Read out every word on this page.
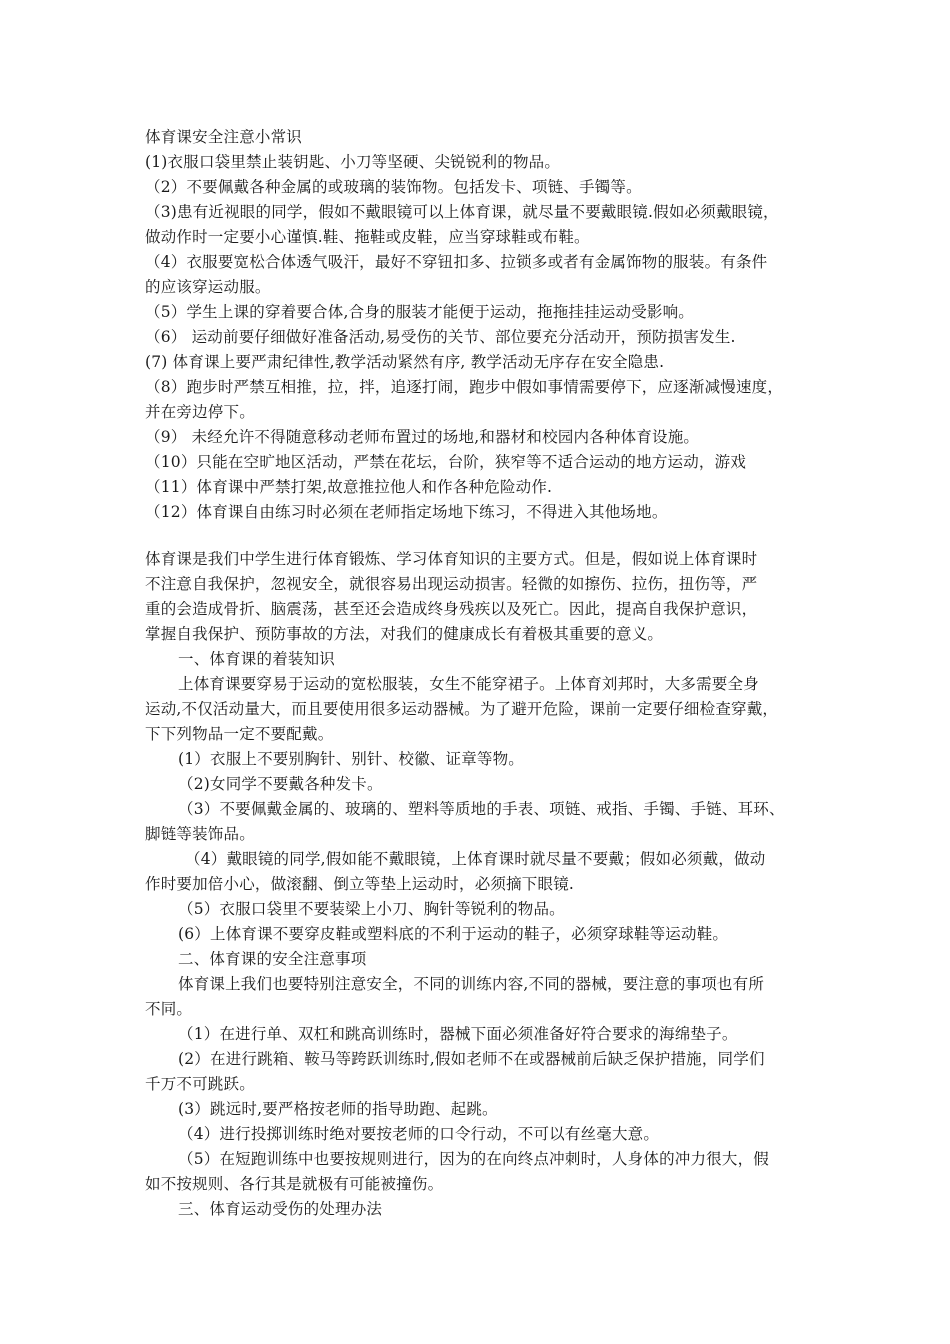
体育课安全注意小常识
(1)衣服口袋里禁止装钥匙、小刀等坚硬、尖锐锐利的物品。
（2）不要佩戴各种金属的或玻璃的装饰物。包括发卡、项链、手镯等。
（3)患有近视眼的同学，假如不戴眼镜可以上体育课，就尽量不要戴眼镜.假如必须戴眼镜，
做动作时一定要小心谨慎.鞋、拖鞋或皮鞋，应当穿球鞋或布鞋。
（4）衣服要宽松合体透气吸汗，最好不穿钮扣多、拉锁多或者有金属饰物的服装。有条件
的应该穿运动服。
（5）学生上课的穿着要合体,合身的服装才能便于运动，拖拖挂挂运动受影响。
（6） 运动前要仔细做好准备活动,易受伤的关节、部位要充分活动开，预防损害发生.
(7) 体育课上要严肃纪律性,教学活动紧然有序, 教学活动无序存在安全隐患.
（8）跑步时严禁互相推，拉，拌，追逐打闹，跑步中假如事情需要停下，应逐渐减慢速度，
并在旁边停下。
（9） 未经允许不得随意移动老师布置过的场地,和器材和校园内各种体育设施。
（10）只能在空旷地区活动，严禁在花坛，台阶，狭窄等不适合运动的地方运动，游戏
（11）体育课中严禁打架,故意推拉他人和作各种危险动作.
（12）体育课自由练习时必须在老师指定场地下练习，不得进入其他场地。
体育课是我们中学生进行体育锻炼、学习体育知识的主要方式。但是，假如说上体育课时
不注意自我保护，忽视安全，就很容易出现运动损害。轻微的如擦伤、拉伤，扭伤等，严
重的会造成骨折、脑震荡，甚至还会造成终身残疾以及死亡。因此，提高自我保护意识，
掌握自我保护、预防事故的方法，对我们的健康成长有着极其重要的意义。
一、体育课的着装知识
上体育课要穿易于运动的宽松服装，女生不能穿裙子。上体育刘邦时，大多需要全身
运动,不仅活动量大，而且要使用很多运动器械。为了避开危险，课前一定要仔细检查穿戴，
下下列物品一定不要配戴。
(1）衣服上不要别胸针、别针、校徽、证章等物。
（2)女同学不要戴各种发卡。
（3）不要佩戴金属的、玻璃的、塑料等质地的手表、项链、戒指、手镯、手链、耳环、
脚链等装饰品。
（4）戴眼镜的同学,假如能不戴眼镜，上体育课时就尽量不要戴；假如必须戴，做动
作时要加倍小心，做滚翻、倒立等垫上运动时，必须摘下眼镜.
（5）衣服口袋里不要装梁上小刀、胸针等锐利的物品。
(6）上体育课不要穿皮鞋或塑料底的不利于运动的鞋子，必须穿球鞋等运动鞋。
二、体育课的安全注意事项
体育课上我们也要特别注意安全，不同的训练内容,不同的器械，要注意的事项也有所
不同。
（1）在进行单、双杠和跳高训练时，器械下面必须准备好符合要求的海绵垫子。
(2）在进行跳箱、鞍马等跨跃训练时,假如老师不在或器械前后缺乏保护措施，同学们
千万不可跳跃。
(3）跳远时,要严格按老师的指导助跑、起跳。
（4）进行投掷训练时绝对要按老师的口令行动，不可以有丝毫大意。
（5）在短跑训练中也要按规则进行，因为的在向终点冲刺时，人身体的冲力很大，假
如不按规则、各行其是就极有可能被撞伤。
三、体育运动受伤的处理办法
